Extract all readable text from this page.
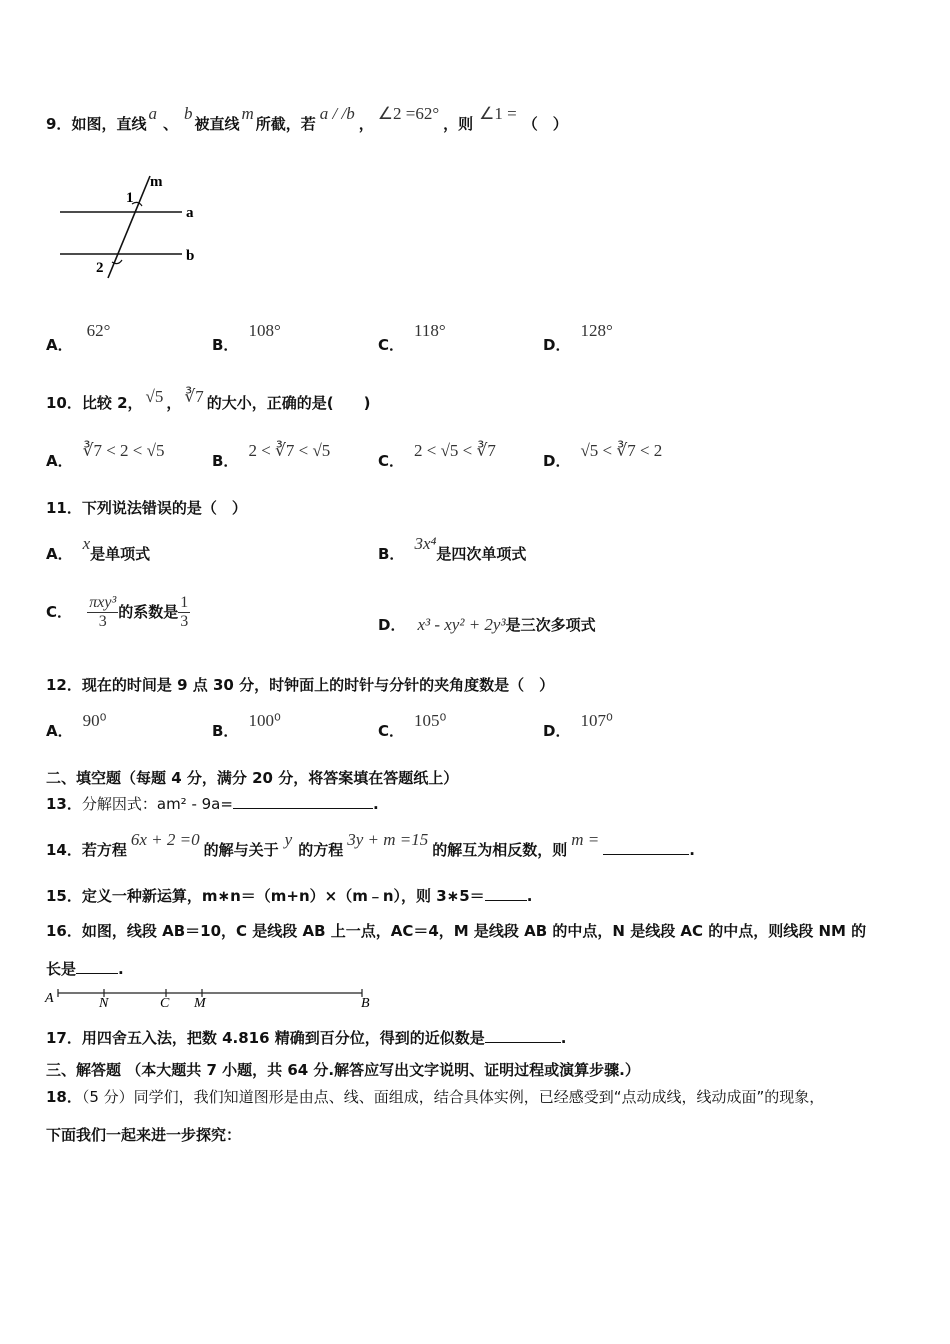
9．如图，直线a、b被直线m所截，若a / /b，∠2 =62°，则∠1 =（　）
1
2
m
a
b
A．62°
B．108°
C．118°
D．128°
10．比较 2， √5 ， ∛7 的大小，正确的是(　　)
A．∛7 < 2 < √5
B．2 < ∛7 < √5
C．2 < √5 < ∛7
D．√5 < ∛7 < 2
11．下列说法错误的是（　）
A．x是单项式	B．3x⁴是四次单项式
C． $\frac{\text{πxy³}}{3}$ 的系数是 $\frac{1}{3}$	D． x³ - xy² + 2y³是三次多项式
12．现在的时间是 9 点 30 分，时钟面上的时针与分针的夹角度数是（　）
A．90⁰
B．100⁰
C．105⁰
D．107⁰
二、填空题（每题 4 分，满分 20 分，将答案填在答题纸上）
13．分解因式：am² - 9a=	.
14．若方程6x + 2 =0的解与关于y的方程3y + m =15的解互为相反数，则m =.
15．定义一种新运算，m∗n＝（m+n）×（m﹣n），则 3∗5＝	.
16．如图，线段 AB＝10，C 是线段 AB 上一点，AC＝4，M 是线段 AB 的中点，N 是线段 AC 的中点，则线段 NM 的
长是	.
A	N	C M	B
17．用四舍五入法，把数 4.816 精确到百分位，得到的近似数是	.
三、解答题 （本大题共 7 小题，共 64 分.解答应写出文字说明、证明过程或演算步骤.）
18．（5 分）同学们，我们知道图形是由点、线、面组成，结合具体实例，已经感受到“点动成线，线动成面”的现象，
下面我们一起来进一步探究：
